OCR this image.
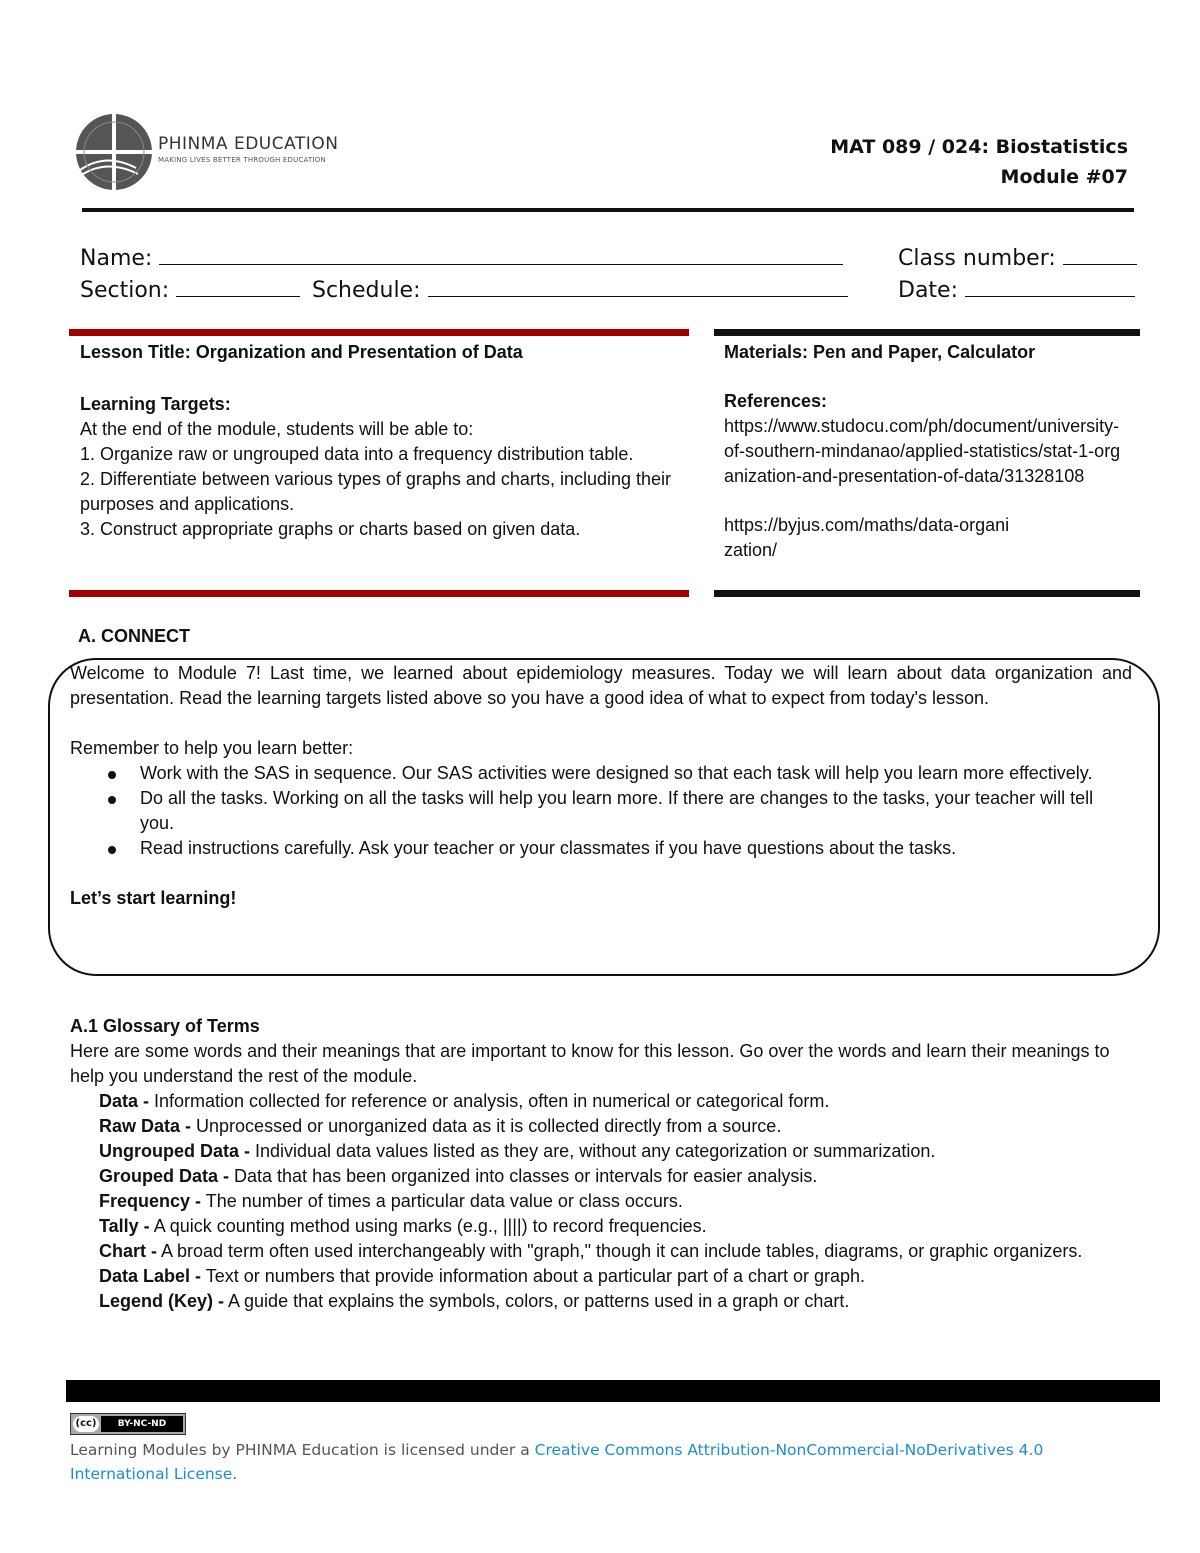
PHINMA EDUCATION
MAKING LIVES BETTER THROUGH EDUCATION
MAT 089 / 024: Biostatistics
Module #07
Name:	Class number:
Section:	Schedule:	Date:
Lesson Title: Organization and Presentation of Data
Learning Targets:
At the end of the module, students will be able to:
1. Organize raw or ungrouped data into a frequency distribution table.
2. Differentiate between various types of graphs and charts, including their purposes and applications.
3. Construct appropriate graphs or charts based on given data.
Materials: Pen and Paper, Calculator
References:
https://www.studocu.com/ph/document/university-of-southern-mindanao/applied-statistics/stat-1-organization-and-presentation-of-data/31328108
https://byjus.com/maths/data-organization/
A. CONNECT
Welcome to Module 7! Last time, we learned about epidemiology measures. Today we will learn about data organization and presentation. Read the learning targets listed above so you have a good idea of what to expect from today's lesson.
Remember to help you learn better:
Work with the SAS in sequence. Our SAS activities were designed so that each task will help you learn more effectively.
Do all the tasks. Working on all the tasks will help you learn more. If there are changes to the tasks, your teacher will tell you.
Read instructions carefully. Ask your teacher or your classmates if you have questions about the tasks.
Let’s start learning!
A.1 Glossary of Terms
Here are some words and their meanings that are important to know for this lesson. Go over the words and learn their meanings to help you understand the rest of the module.
Data - Information collected for reference or analysis, often in numerical or categorical form.
Raw Data - Unprocessed or unorganized data as it is collected directly from a source.
Ungrouped Data - Individual data values listed as they are, without any categorization or summarization.
Grouped Data - Data that has been organized into classes or intervals for easier analysis.
Frequency - The number of times a particular data value or class occurs.
Tally - A quick counting method using marks (e.g., ||||) to record frequencies.
Chart - A broad term often used interchangeably with "graph," though it can include tables, diagrams, or graphic organizers.
Data Label - Text or numbers that provide information about a particular part of a chart or graph.
Legend (Key) - A guide that explains the symbols, colors, or patterns used in a graph or chart.
(cc)	BY-NC-ND
Learning Modules by PHINMA Education is licensed under a Creative Commons Attribution-NonCommercial-NoDerivatives 4.0 International License.
